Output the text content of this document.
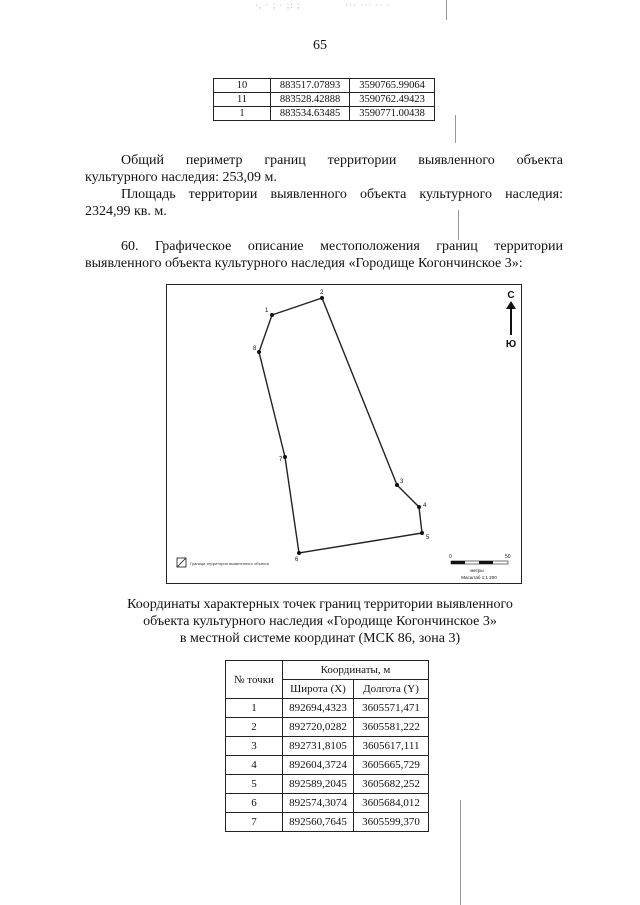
·, · ; · ;: ;	··· ··· ·· ·
65
10	883517.07893	3590765.99064
11	883528.42888	3590762.49423
1	883534.63485	3590771.00438
Общий периметр границ территории выявленного объекта
культурного наследия: 253,09 м.
Площадь территории выявленного объекта культурного наследия:
2324,99 кв. м.
60. Графическое описание местоположения границ территории
выявленного объекта культурного наследия «Городище Когончинское 3»:
1
2
3
4
5
6
7
8
С
Ю
Граница территории выявленного объекта
0	50
метры
Масштаб 1:1 200
Координаты характерных точек границ территории выявленного
объекта культурного наследия «Городище Когончинское 3»
в местной системе координат (МСК 86, зона 3)
№ точки	Координаты, м	
	Широта (X)	Долгота (Y)
1	892694,4323	3605571,471
2	892720,0282	3605581,222
3	892731,8105	3605617,111
4	892604,3724	3605665,729
5	892589,2045	3605682,252
6	892574,3074	3605684,012
7	892560,7645	3605599,370
